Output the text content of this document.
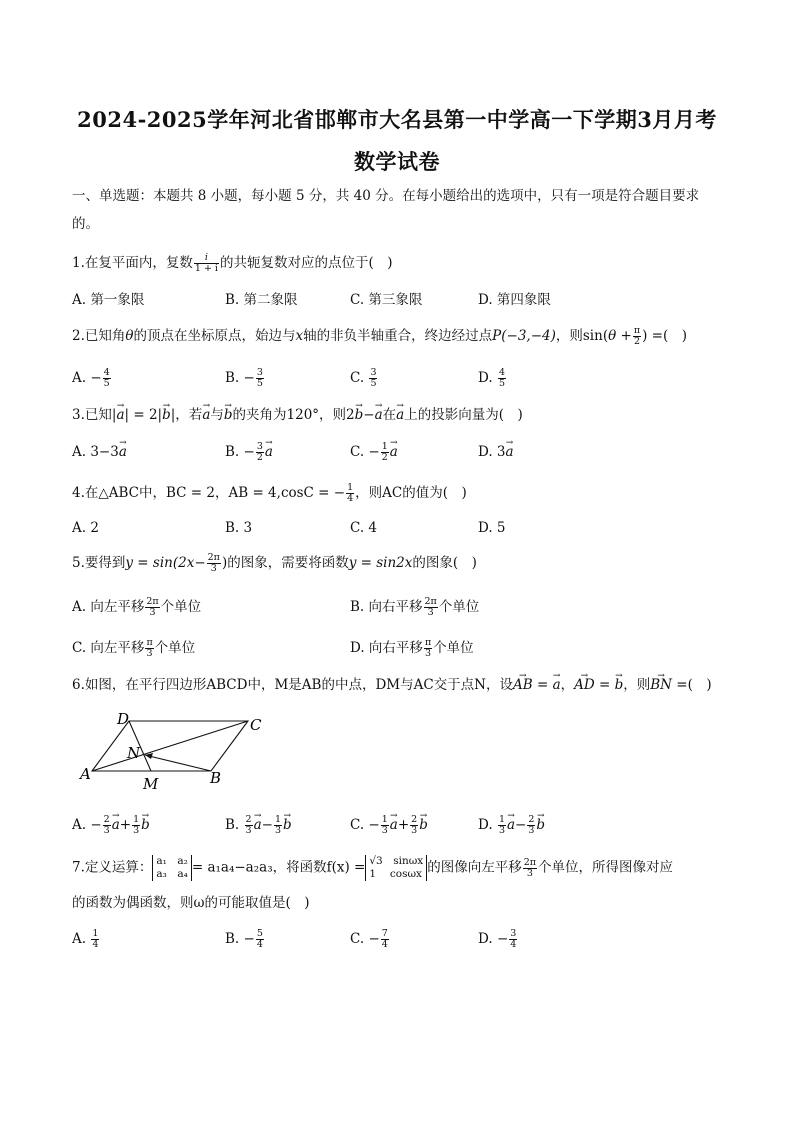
2024-2025学年河北省邯郸市大名县第一中学高一下学期3月月考
数学试卷
一、单选题：本题共 8 小题，每小题 5 分，共 40 分。在每小题给出的选项中，只有一项是符合题目要求
的。
1.在复平面内，复数 $\frac{i}{1 + i}$ 的共轭复数对应的点位于(　)
A. 第一象限	B. 第二象限	C. 第三象限	D. 第四象限
2.已知角θ的顶点在坐标原点，始边与x轴的非负半轴重合，终边经过点P(−3,−4)，则$\sin(\theta + \frac{\pi}{2}$ ) =(　)
A. − $\frac{4}{5}$	B. − $\frac{3}{5}$	C. $\frac{3}{5}$	D. $\frac{4}{5}$
3.已知|→ a| = 2|→ b|，若→ a与→ b的夹角为120°，则2→ b−→ a在→ a上的投影向量为(　)
A. 3−3→ a	B. − $\frac{3}{2}$
→ a	C. − $\frac{1}{2}$
→ a	D. 3→ a
4.在△ABC中，BC = 2，AB = 4,cosC = − $\frac{1}{4}$ ，则AC的值为(　)
A. 2	B. 3	C. 4	D. 5
5.要得到$y = \sin(2x- \frac{2\pi}{3}$ )的图象，需要将函数y = sin2x的图象(　)
A. 向左平移 $\frac{2\pi}{3}$ 个单位	B. 向右平移 $\frac{2\pi}{3}$ 个单位
C. 向左平移 $\frac{\pi}{3}$ 个单位	D. 向右平移 $\frac{\pi}{3}$ 个单位
6.如图，在平行四边形ABCD中，M是AB的中点，DM与AC交于点N，设→ AB = → a，→ AD = → b，则→ BN =(　)
D	C
N
A
M	B
A. − $\frac{2}{3}$
→ $a+ \frac{1}{3}$
→ b	B. $\frac{2}{3}$
→ $a- \frac{1}{3}$
→ b	C. − $\frac{1}{3}$
→ $a+ \frac{2}{3}$
→ b	D. $\frac{1}{3}$
→ $a- \frac{2}{3}$
→ b
7.定义运算： a₁　a₂
a₃　a₄ = a₁a₄−a₂a₃，将函数f(x) = √3　sinωx
1　 cosωx 的图像向左平移 $\frac{2\pi}{3}$ 个单位，所得图像对应
的函数为偶函数，则ω的可能取值是(　)
A. $\frac{1}{4}$	B. − $\frac{5}{4}$	C. − $\frac{7}{4}$	D. − $\frac{3}{4}$
